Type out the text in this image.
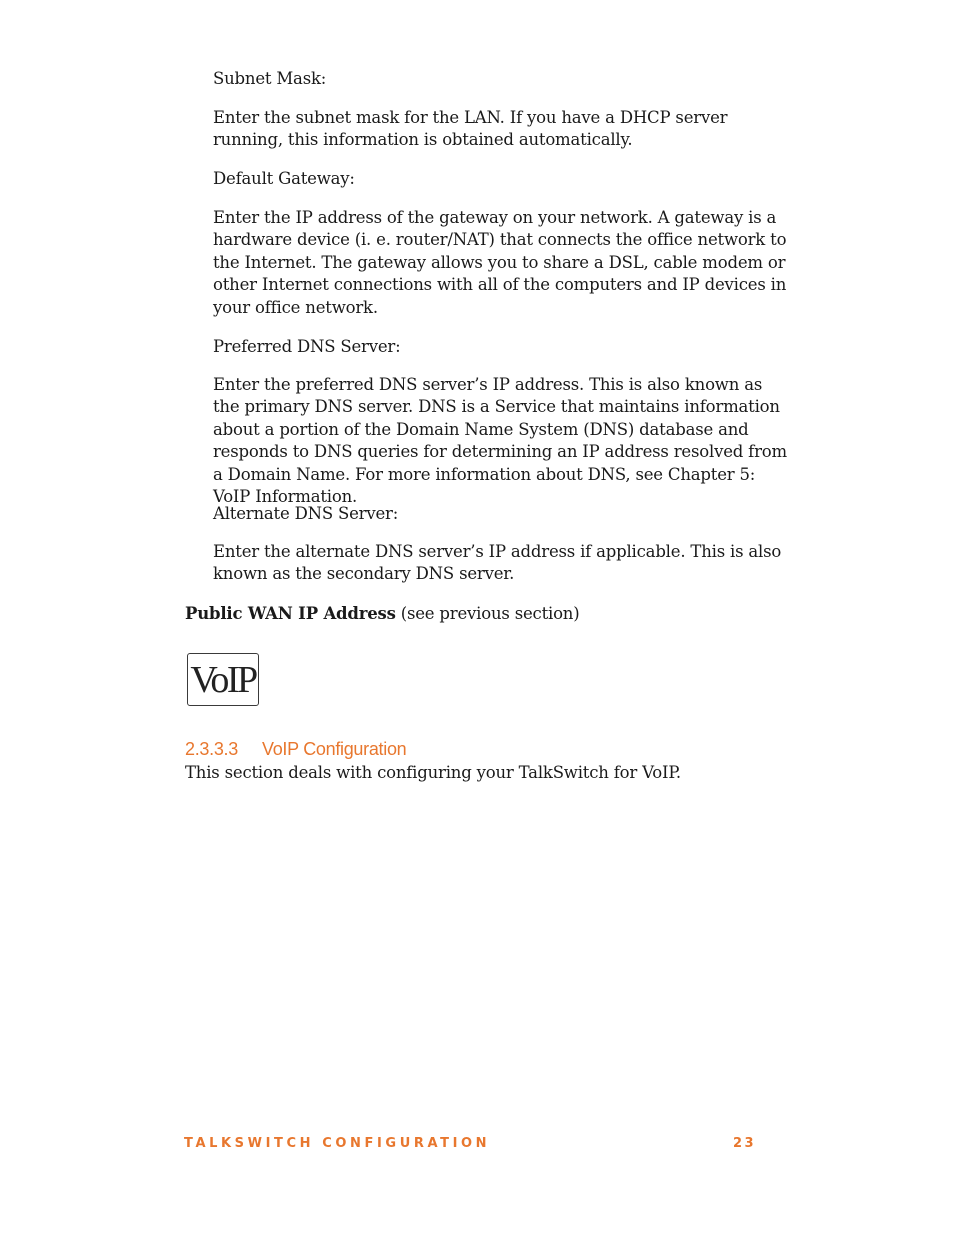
Subnet Mask:

Enter the subnet mask for the LAN. If you have a DHCP server running, this information is obtained automatically.

Default Gateway:

Enter the IP address of the gateway on your network. A gateway is a hardware device (i. e. router/NAT) that connects the office network to the Internet. The gateway allows you to share a DSL, cable modem or other Internet connections with all of the computers and IP devices in your office network.

Preferred DNS Server:

Enter the preferred DNS server’s IP address. This is also known as the primary DNS server. DNS is a Service that maintains information about a portion of the Domain Name System (DNS) database and responds to DNS queries for determining an IP address resolved from a Domain Name. For more information about DNS, see Chapter 5: VoIP Information.

Alternate DNS Server:

Enter the alternate DNS server’s IP address if applicable. This is also known as the secondary DNS server.

Public WAN IP Address (see previous section)

VoIP
2.3.3.3 VoIP Configuration

This section deals with configuring your TalkSwitch for VoIP.

TALKSWITCH CONFIGURATION	23
